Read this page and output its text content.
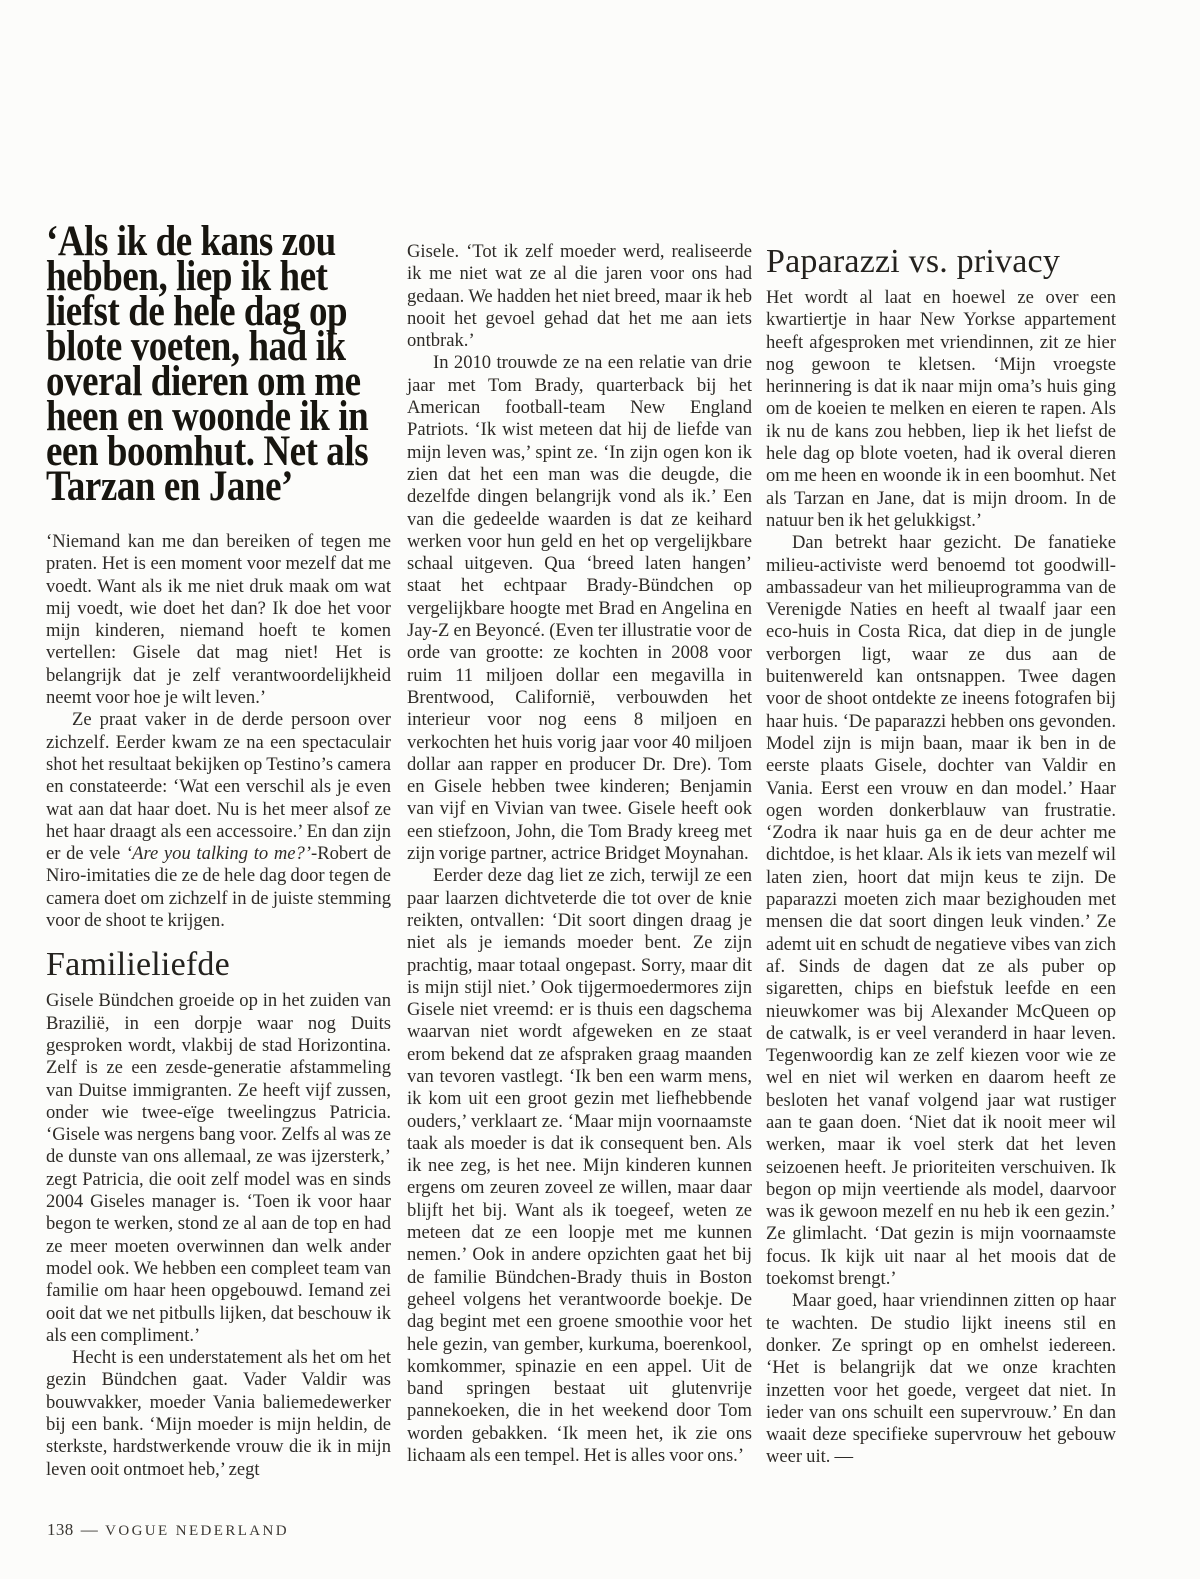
‘Als ik de kans zou
hebben, liep ik het
liefst de hele dag op
blote voeten, had ik
overal dieren om me
heen en woonde ik in
een boomhut. Net als
Tarzan en Jane’

‘Niemand kan me dan bereiken of tegen me praten. Het is een moment voor mezelf dat me voedt. Want als ik me niet druk maak om wat mij voedt, wie doet het dan? Ik doe het voor mijn kinderen, niemand hoeft te komen vertellen: Gisele dat mag niet! Het is belangrijk dat je zelf verantwoordelijkheid neemt voor hoe je wilt leven.’

Ze praat vaker in de derde persoon over zichzelf. Eerder kwam ze na een spectaculair shot het resultaat bekijken op Testino’s camera en constateerde: ‘Wat een verschil als je even wat aan dat haar doet. Nu is het meer alsof ze het haar draagt als een accessoire.’ En dan zijn er de vele ‘Are you talking to me?’-Robert de Niro-imitaties die ze de hele dag door tegen de camera doet om zichzelf in de juiste stemming voor de shoot te krijgen.

Familieliefde

Gisele Bündchen groeide op in het zuiden van Brazilië, in een dorpje waar nog Duits gesproken wordt, vlakbij de stad Horizontina. Zelf is ze een zesde-generatie afstammeling van Duitse immigranten. Ze heeft vijf zussen, onder wie twee-eïge tweelingzus Patricia. ‘Gisele was nergens bang voor. Zelfs al was ze de dunste van ons allemaal, ze was ijzersterk,’ zegt Patricia, die ooit zelf model was en sinds 2004 Giseles manager is. ‘Toen ik voor haar begon te werken, stond ze al aan de top en had ze meer moeten overwinnen dan welk ander model ook. We hebben een compleet team van familie om haar heen opgebouwd. Iemand zei ooit dat we net pitbulls lijken, dat beschouw ik als een compliment.’

Hecht is een understatement als het om het gezin Bündchen gaat. Vader Valdir was bouwvakker, moeder Vania baliemedewerker bij een bank. ‘Mijn moeder is mijn heldin, de sterkste, hardstwerkende vrouw die ik in mijn leven ooit ontmoet heb,’ zegt

Gisele. ‘Tot ik zelf moeder werd, realiseerde ik me niet wat ze al die jaren voor ons had gedaan. We hadden het niet breed, maar ik heb nooit het gevoel gehad dat het me aan iets ontbrak.’

In 2010 trouwde ze na een relatie van drie jaar met Tom Brady, quarterback bij het American football-team New England Patriots. ‘Ik wist meteen dat hij de liefde van mijn leven was,’ spint ze. ‘In zijn ogen kon ik zien dat het een man was die deugde, die dezelfde dingen belangrijk vond als ik.’ Een van die gedeelde waarden is dat ze keihard werken voor hun geld en het op vergelijkbare schaal uitgeven. Qua ‘breed laten hangen’ staat het echtpaar Brady-Bündchen op vergelijkbare hoogte met Brad en Angelina en Jay-Z en Beyoncé. (Even ter illustratie voor de orde van grootte: ze kochten in 2008 voor ruim 11 miljoen dollar een megavilla in Brentwood, Californië, verbouwden het interieur voor nog eens 8 miljoen en verkochten het huis vorig jaar voor 40 miljoen dollar aan rapper en producer Dr. Dre). Tom en Gisele hebben twee kinderen; Benjamin van vijf en Vivian van twee. Gisele heeft ook een stiefzoon, John, die Tom Brady kreeg met zijn vorige partner, actrice Bridget Moynahan.

Eerder deze dag liet ze zich, terwijl ze een paar laarzen dichtveterde die tot over de knie reikten, ontvallen: ‘Dit soort dingen draag je niet als je iemands moeder bent. Ze zijn prachtig, maar totaal ongepast. Sorry, maar dit is mijn stijl niet.’ Ook tijgermoedermores zijn Gisele niet vreemd: er is thuis een dagschema waarvan niet wordt afgeweken en ze staat erom bekend dat ze afspraken graag maanden van tevoren vastlegt. ‘Ik ben een warm mens, ik kom uit een groot gezin met liefhebbende ouders,’ verklaart ze. ‘Maar mijn voornaamste taak als moeder is dat ik consequent ben. Als ik nee zeg, is het nee. Mijn kinderen kunnen ergens om zeuren zoveel ze willen, maar daar blijft het bij. Want als ik toegeef, weten ze meteen dat ze een loopje met me kunnen nemen.’ Ook in andere opzichten gaat het bij de familie Bündchen-Brady thuis in Boston geheel volgens het verantwoorde boekje. De dag begint met een groene smoothie voor het hele gezin, van gember, kurkuma, boerenkool, komkommer, spinazie en een appel. Uit de band springen bestaat uit glutenvrije pannekoeken, die in het weekend door Tom worden gebakken. ‘Ik meen het, ik zie ons lichaam als een tempel. Het is alles voor ons.’

Paparazzi vs. privacy

Het wordt al laat en hoewel ze over een kwartiertje in haar New Yorkse appartement heeft afgesproken met vriendinnen, zit ze hier nog gewoon te kletsen. ‘Mijn vroegste herinnering is dat ik naar mijn oma’s huis ging om de koeien te melken en eieren te rapen. Als ik nu de kans zou hebben, liep ik het liefst de hele dag op blote voeten, had ik overal dieren om me heen en woonde ik in een boomhut. Net als Tarzan en Jane, dat is mijn droom. In de natuur ben ik het gelukkigst.’

Dan betrekt haar gezicht. De fanatieke milieu-activiste werd benoemd tot goodwill-ambassadeur van het milieuprogramma van de Verenigde Naties en heeft al twaalf jaar een eco-huis in Costa Rica, dat diep in de jungle verborgen ligt, waar ze dus aan de buitenwereld kan ontsnappen. Twee dagen voor de shoot ontdekte ze ineens fotografen bij haar huis. ‘De paparazzi hebben ons gevonden. Model zijn is mijn baan, maar ik ben in de eerste plaats Gisele, dochter van Valdir en Vania. Eerst een vrouw en dan model.’ Haar ogen worden donkerblauw van frustratie. ‘Zodra ik naar huis ga en de deur achter me dichtdoe, is het klaar. Als ik iets van mezelf wil laten zien, hoort dat mijn keus te zijn. De paparazzi moeten zich maar bezighouden met mensen die dat soort dingen leuk vinden.’ Ze ademt uit en schudt de negatieve vibes van zich af. Sinds de dagen dat ze als puber op sigaretten, chips en biefstuk leefde en een nieuwkomer was bij Alexander McQueen op de catwalk, is er veel veranderd in haar leven. Tegenwoordig kan ze zelf kiezen voor wie ze wel en niet wil werken en daarom heeft ze besloten het vanaf volgend jaar wat rustiger aan te gaan doen. ‘Niet dat ik nooit meer wil werken, maar ik voel sterk dat het leven seizoenen heeft. Je prioriteiten verschuiven. Ik begon op mijn veertiende als model, daarvoor was ik gewoon mezelf en nu heb ik een gezin.’ Ze glimlacht. ‘Dat gezin is mijn voornaamste focus. Ik kijk uit naar al het moois dat de toekomst brengt.’

Maar goed, haar vriendinnen zitten op haar te wachten. De studio lijkt ineens stil en donker. Ze springt op en omhelst iedereen. ‘Het is belangrijk dat we onze krachten inzetten voor het goede, vergeet dat niet. In ieder van ons schuilt een supervrouw.’ En dan waait deze specifieke supervrouw het gebouw weer uit. —

138 — VOGUE NEDERLAND
